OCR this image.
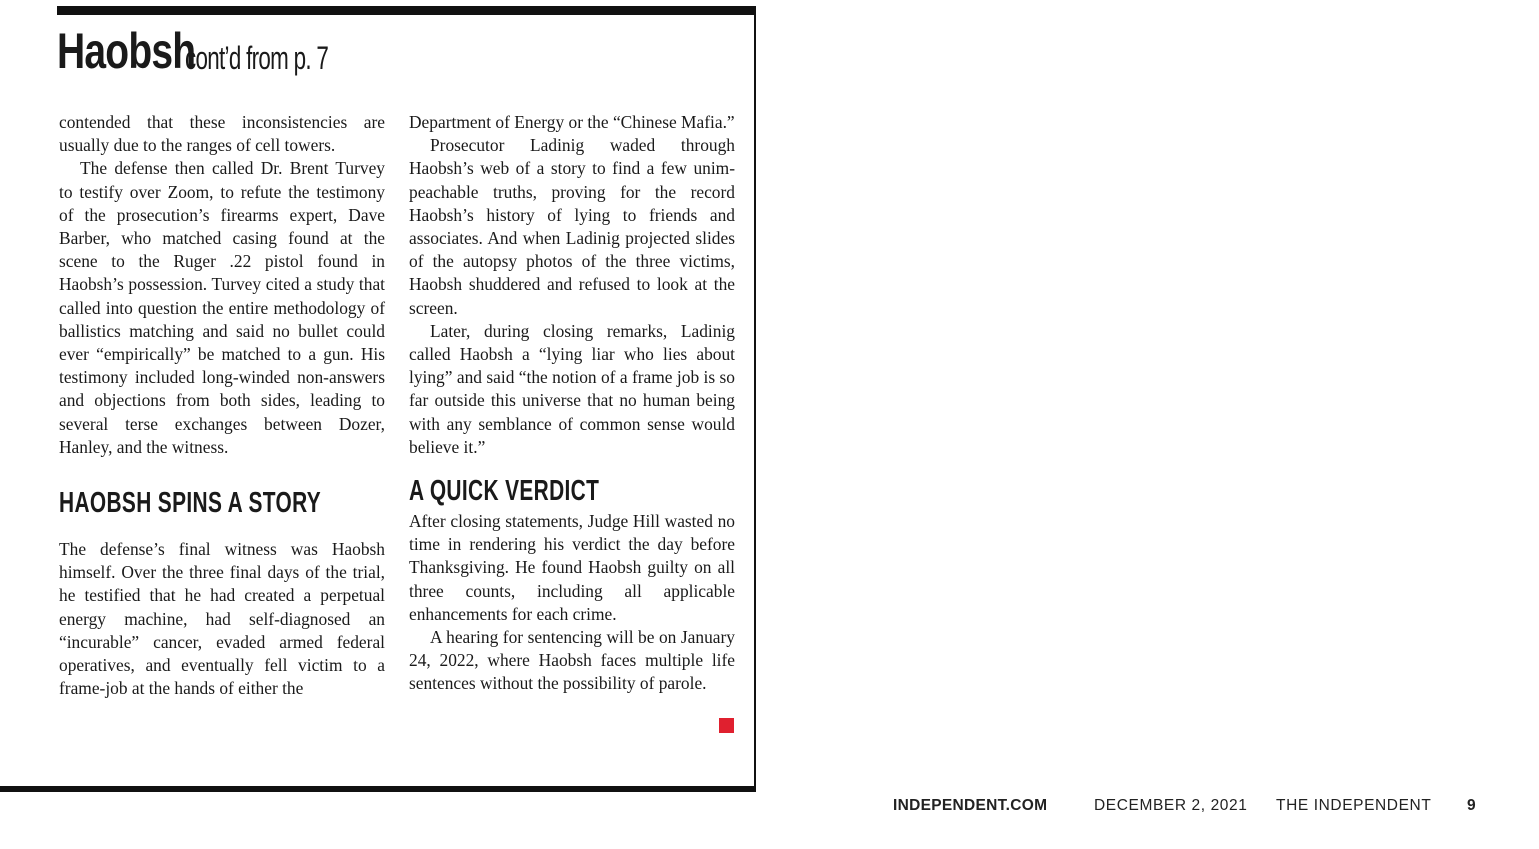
Haobsh
cont’d from p. 7

contended that these inconsistencies are usually due to the ranges of cell towers.

The defense then called Dr. Brent Turvey to testify over Zoom, to refute the testimony of the prosecution’s firearms expert, Dave Barber, who matched casing found at the scene to the Ruger .22 pistol found in Haobsh’s possession. Turvey cited a study that called into question the entire methodology of ballistics matching and said no bullet could ever “empirically” be matched to a gun. His testimony included long-winded non-answers and objections from both sides, leading to several terse exchanges between Dozer, Hanley, and the witness.

HAOBSH SPINS A STORY

The defense’s final witness was Haobsh himself. Over the three final days of the trial, he testified that he had created a perpetual energy machine, had self-diagnosed an “incurable” cancer, evaded armed federal operatives, and eventually fell victim to a frame-job at the hands of either the

Department of Energy or the “Chinese Mafia.”

Prosecutor Ladinig waded through Haobsh’s web of a story to find a few unimpeachable truths, proving for the record Haobsh’s history of lying to friends and associates. And when Ladinig projected slides of the autopsy photos of the three victims, Haobsh shuddered and refused to look at the screen.

Later, during closing remarks, Ladinig called Haobsh a “lying liar who lies about lying” and said “the notion of a frame job is so far outside this universe that no human being with any semblance of common sense would believe it.”

A QUICK VERDICT

After closing statements, Judge Hill wasted no time in rendering his verdict the day before Thanksgiving. He found Haobsh guilty on all three counts, including all applicable enhancements for each crime.

A hearing for sentencing will be on January 24, 2022, where Haobsh faces multiple life sentences without the possibility of parole.

INDEPENDENT.COM	DECEMBER 2, 2021 THE INDEPENDENT 9
